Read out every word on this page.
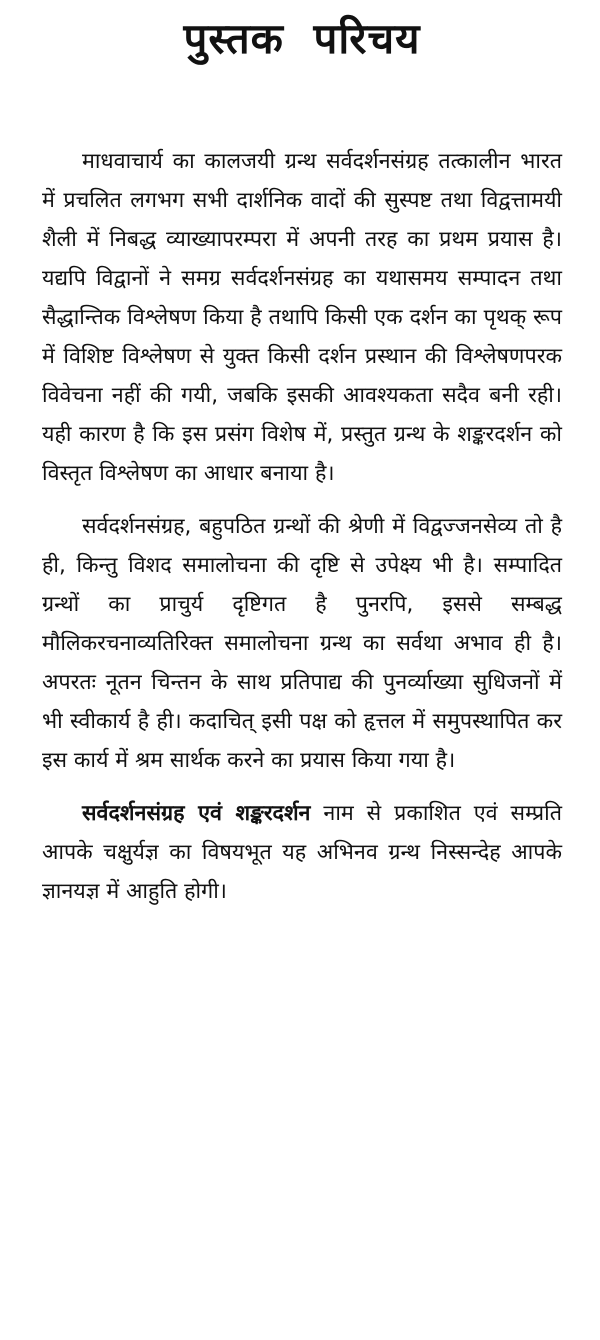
पुस्तक परिचय

माधवाचार्य का कालजयी ग्रन्थ सर्वदर्शनसंग्रह तत्कालीन भारत में प्रचलित लगभग सभी दार्शनिक वादों की सुस्पष्ट तथा विद्वत्तामयी शैली में निबद्ध व्याख्यापरम्परा में अपनी तरह का प्रथम प्रयास है। यद्यपि विद्वानों ने समग्र सर्वदर्शनसंग्रह का यथासमय सम्पादन तथा सैद्धान्तिक विश्लेषण किया है तथापि किसी एक दर्शन का पृथक् रूप में विशिष्ट विश्लेषण से युक्त किसी दर्शन प्रस्थान की विश्लेषणपरक विवेचना नहीं की गयी, जबकि इसकी आवश्यकता सदैव बनी रही। यही कारण है कि इस प्रसंग विशेष में, प्रस्तुत ग्रन्थ के शङ्करदर्शन को विस्तृत विश्लेषण का आधार बनाया है।

सर्वदर्शनसंग्रह, बहुपठित ग्रन्थों की श्रेणी में विद्वज्जनसेव्य तो है ही, किन्तु विशद समालोचना की दृष्टि से उपेक्ष्य भी है। सम्पादित ग्रन्थों का प्राचुर्य दृष्टिगत है पुनरपि, इससे सम्बद्ध मौलिकरचनाव्यतिरिक्त समालोचना ग्रन्थ का सर्वथा अभाव ही है। अपरतः नूतन चिन्तन के साथ प्रतिपाद्य की पुनर्व्याख्या सुधिजनों में भी स्वीकार्य है ही। कदाचित् इसी पक्ष को हृत्तल में समुपस्थापित कर इस कार्य में श्रम सार्थक करने का प्रयास किया गया है।

सर्वदर्शनसंग्रह एवं शङ्करदर्शन नाम से प्रकाशित एवं सम्प्रति आपके चक्षुर्यज्ञ का विषयभूत यह अभिनव ग्रन्थ निस्सन्देह आपके ज्ञानयज्ञ में आहुति होगी।
